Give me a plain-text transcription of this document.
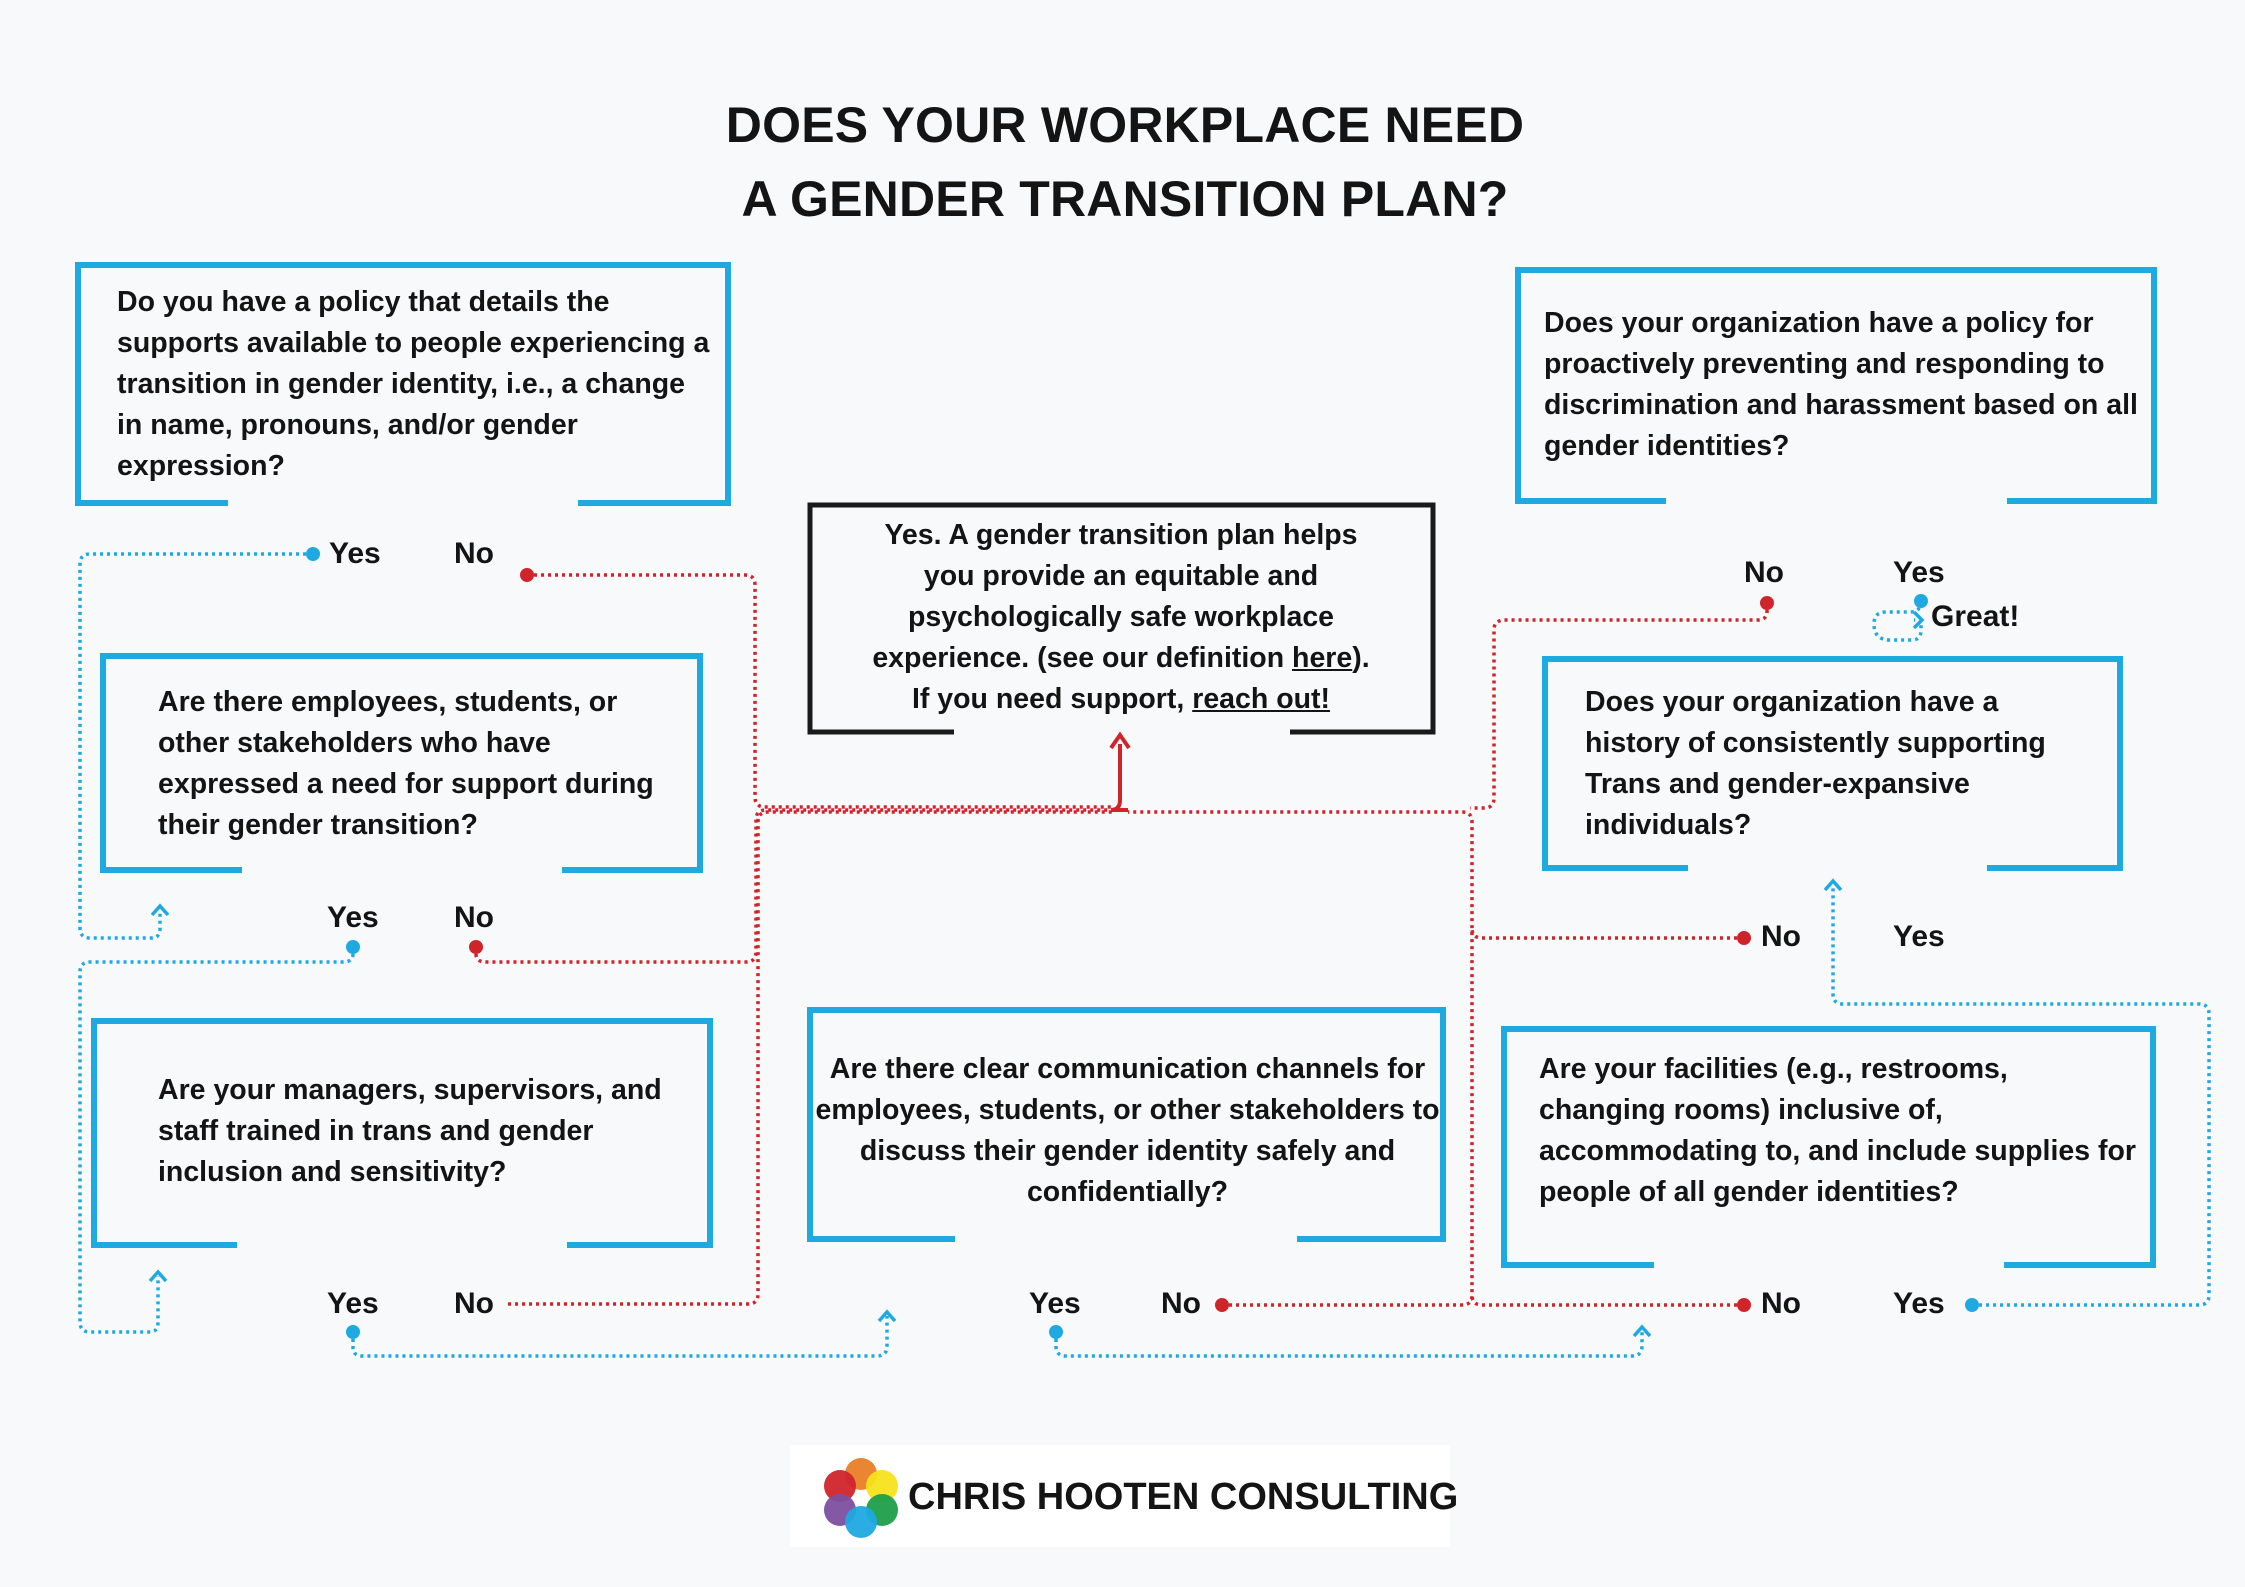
DOES YOUR WORKPLACE NEED
A GENDER TRANSITION PLAN?

Do you have a policy that details the supports available to people experiencing a transition in gender identity, i.e., a change in name, pronouns, and/or gender expression?

Are there employees, students, or other stakeholders who have expressed a need for support during their gender transition?

Are your managers, supervisors, and staff trained in trans and gender inclusion and sensitivity?

Are there clear communication channels for employees, students, or other stakeholders to discuss their gender identity safely and confidentially?

Are your facilities (e.g., restrooms, changing rooms) inclusive of, accommodating to, and include supplies for people of all gender identities?

Does your organization have a history of consistently supporting Trans and gender-expansive individuals?

Does your organization have a policy for proactively preventing and responding to discrimination and harassment based on all gender identities?

Yes. A gender transition plan helps
you provide an equitable and
psychologically safe workplace
experience. (see our definition here).
If you need support, reach out!
Yes No
Yes	No
Yes	No	Yes	No	No	Yes
No	Yes
No	Yes
Great!
CHRIS HOOTEN CONSULTING
